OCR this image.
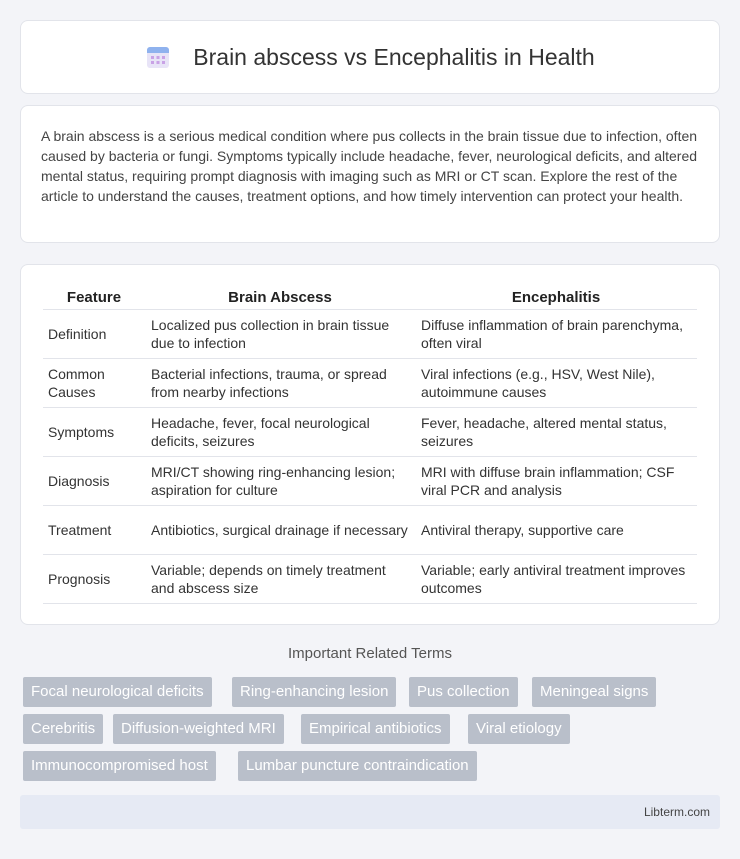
Brain abscess vs Encephalitis in Health

A brain abscess is a serious medical condition where pus collects in the brain tissue due to infection, often caused by bacteria or fungi. Symptoms typically include headache, fever, neurological deficits, and altered mental status, requiring prompt diagnosis with imaging such as MRI or CT scan. Explore the rest of the article to understand the causes, treatment options, and how timely intervention can protect your health.

Feature	Brain Abscess	Encephalitis
Definition	Localized pus collection in brain tissue due to infection	Diffuse inflammation of brain parenchyma, often viral
Common Causes	Bacterial infections, trauma, or spread from nearby infections	Viral infections (e.g., HSV, West Nile), autoimmune causes
Symptoms	Headache, fever, focal neurological deficits, seizures	Fever, headache, altered mental status, seizures
Diagnosis	MRI/CT showing ring-enhancing lesion; aspiration for culture	MRI with diffuse brain inflammation; CSF viral PCR and analysis
Treatment	Antibiotics, surgical drainage if necessary	Antiviral therapy, supportive care
Prognosis	Variable; depends on timely treatment and abscess size	Variable; early antiviral treatment improves outcomes
Important Related Terms
Focal neurological deficits	Ring-enhancing lesion	Pus collection	Meningeal signs
Cerebritis	Diffusion-weighted MRI	Empirical antibiotics	Viral etiology
Immunocompromised host	Lumbar puncture contraindication
Libterm.com
